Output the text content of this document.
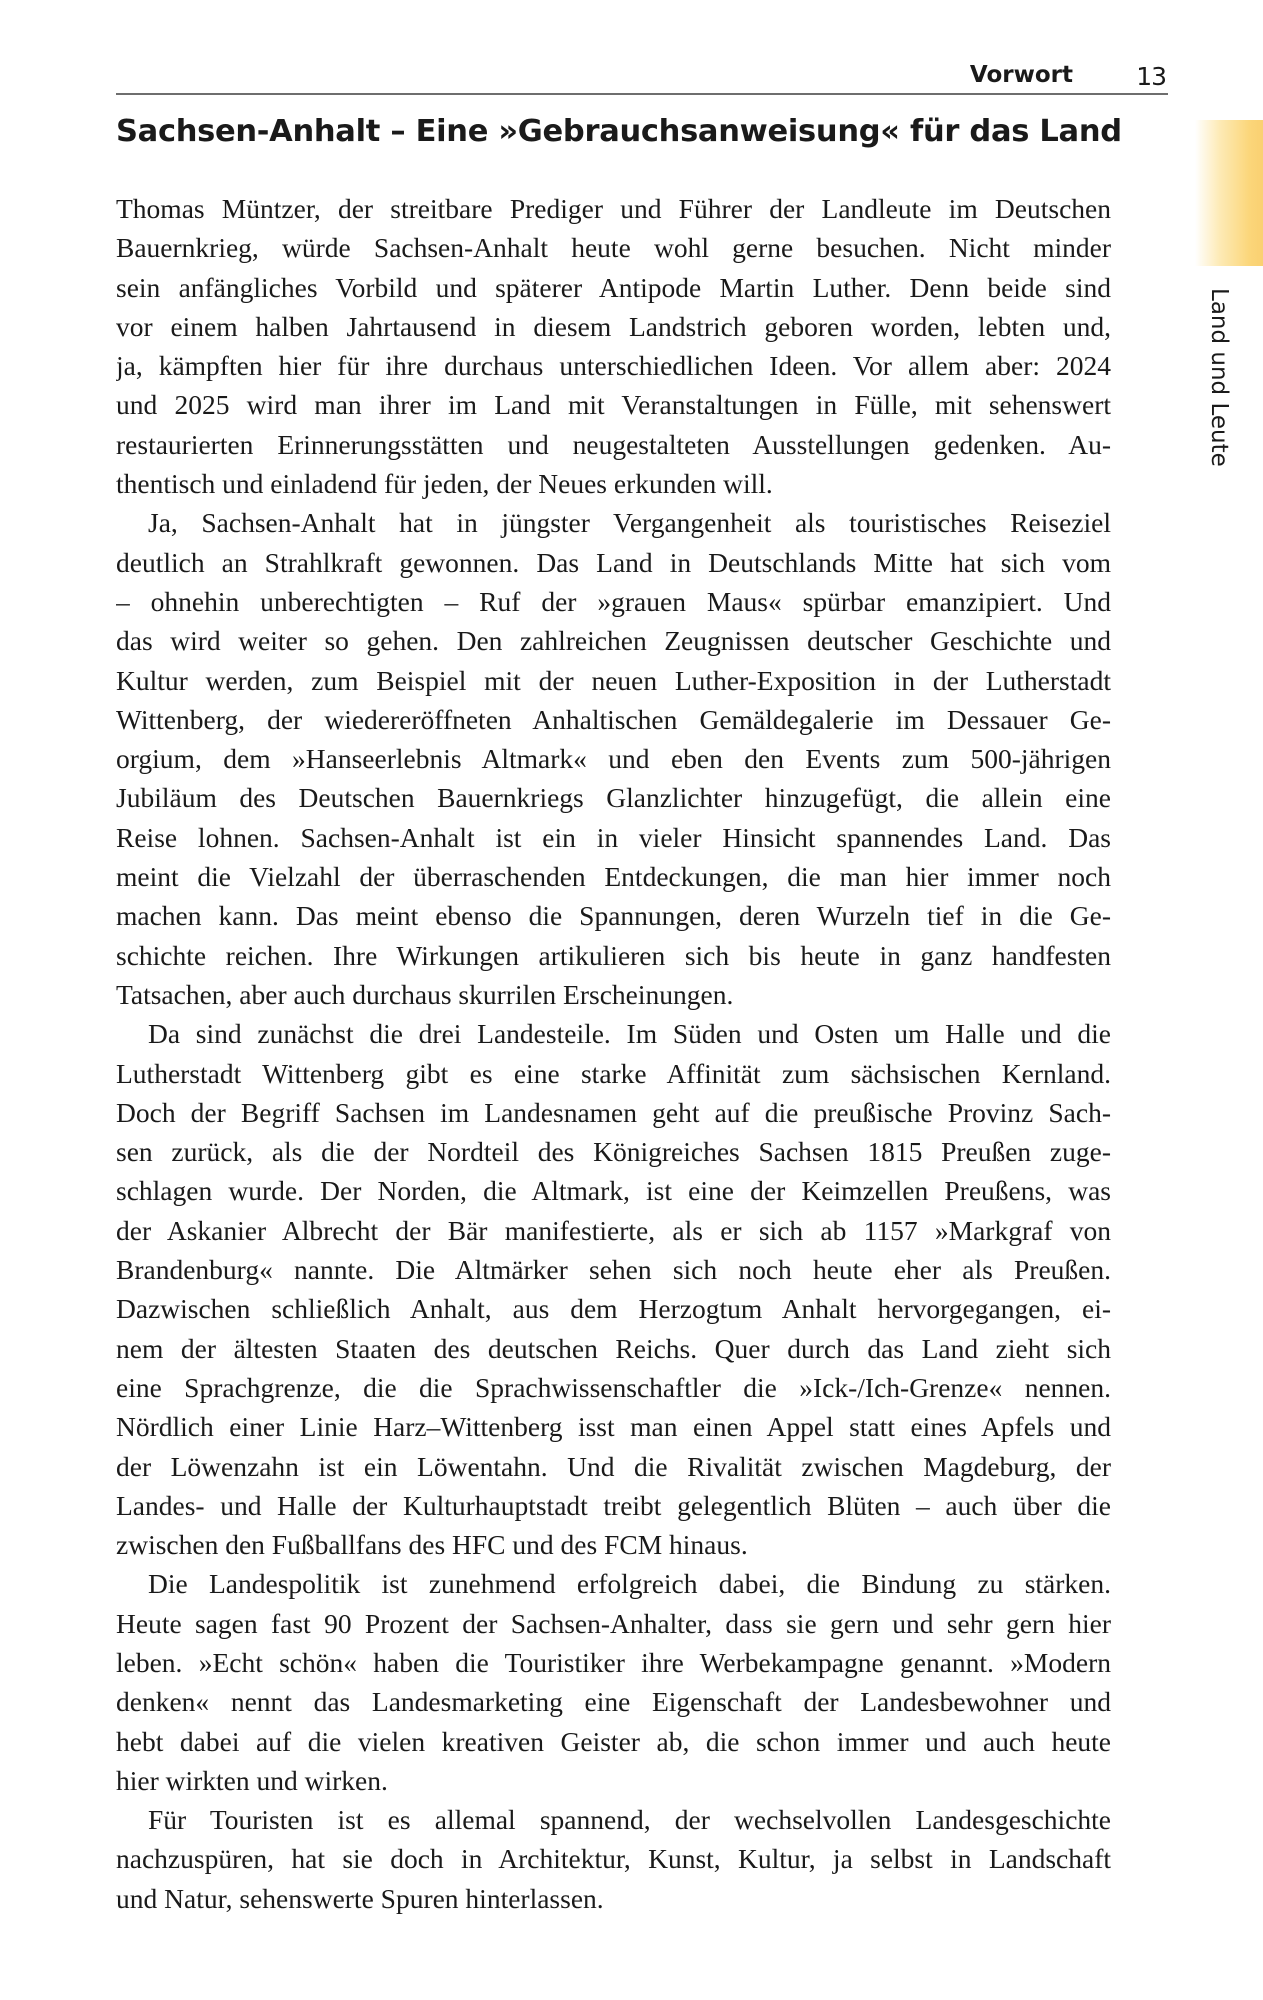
Vorwort	13
Sachsen-Anhalt – Eine »Gebrauchsanweisung« für das Land
Land und Leute
Thomas Müntzer, der streitbare Prediger und Führer der Landleute im Deutschen
Bauernkrieg, würde Sachsen-Anhalt heute wohl gerne besuchen. Nicht minder
sein anfängliches Vorbild und späterer Antipode Martin Luther. Denn beide sind
vor einem halben Jahrtausend in diesem Landstrich geboren worden, lebten und,
ja, kämpften hier für ihre durchaus unterschiedlichen Ideen. Vor allem aber: 2024
und 2025 wird man ihrer im Land mit Veranstaltungen in Fülle, mit sehenswert
restaurierten Erinnerungsstätten und neugestalteten Ausstellungen gedenken. Au-
thentisch und einladend für jeden, der Neues erkunden will.
Ja, Sachsen-Anhalt hat in jüngster Vergangenheit als touristisches Reiseziel
deutlich an Strahlkraft gewonnen. Das Land in Deutschlands Mitte hat sich vom
– ohnehin unberechtigten – Ruf der »grauen Maus« spürbar emanzipiert. Und
das wird weiter so gehen. Den zahlreichen Zeugnissen deutscher Geschichte und
Kultur werden, zum Beispiel mit der neuen Luther-Exposition in der Lutherstadt
Wittenberg, der wiedereröffneten Anhaltischen Gemäldegalerie im Dessauer Ge-
orgium, dem »Hanseerlebnis Altmark« und eben den Events zum 500-jährigen
Jubiläum des Deutschen Bauernkriegs Glanzlichter hinzugefügt, die allein eine
Reise lohnen. Sachsen-Anhalt ist ein in vieler Hinsicht spannendes Land. Das
meint die Vielzahl der überraschenden Entdeckungen, die man hier immer noch
machen kann. Das meint ebenso die Spannungen, deren Wurzeln tief in die Ge-
schichte reichen. Ihre Wirkungen artikulieren sich bis heute in ganz handfesten
Tatsachen, aber auch durchaus skurrilen Erscheinungen.
Da sind zunächst die drei Landesteile. Im Süden und Osten um Halle und die
Lutherstadt Wittenberg gibt es eine starke Affinität zum sächsischen Kernland.
Doch der Begriff Sachsen im Landesnamen geht auf die preußische Provinz Sach-
sen zurück, als die der Nordteil des Königreiches Sachsen 1815 Preußen zuge-
schlagen wurde. Der Norden, die Altmark, ist eine der Keimzellen Preußens, was
der Askanier Albrecht der Bär manifestierte, als er sich ab 1157 »Markgraf von
Brandenburg« nannte. Die Altmärker sehen sich noch heute eher als Preußen.
Dazwischen schließlich Anhalt, aus dem Herzogtum Anhalt hervorgegangen, ei-
nem der ältesten Staaten des deutschen Reichs. Quer durch das Land zieht sich
eine Sprachgrenze, die die Sprachwissenschaftler die »Ick-/Ich-Grenze« nennen.
Nördlich einer Linie Harz–Wittenberg isst man einen Appel statt eines Apfels und
der Löwenzahn ist ein Löwentahn. Und die Rivalität zwischen Magdeburg, der
Landes- und Halle der Kulturhauptstadt treibt gelegentlich Blüten – auch über die
zwischen den Fußballfans des HFC und des FCM hinaus.
Die Landespolitik ist zunehmend erfolgreich dabei, die Bindung zu stärken.
Heute sagen fast 90 Prozent der Sachsen-Anhalter, dass sie gern und sehr gern hier
leben. »Echt schön« haben die Touristiker ihre Werbekampagne genannt. »Modern
denken« nennt das Landesmarketing eine Eigenschaft der Landesbewohner und
hebt dabei auf die vielen kreativen Geister ab, die schon immer und auch heute
hier wirkten und wirken.
Für Touristen ist es allemal spannend, der wechselvollen Landesgeschichte
nachzuspüren, hat sie doch in Architektur, Kunst, Kultur, ja selbst in Landschaft
und Natur, sehenswerte Spuren hinterlassen.
